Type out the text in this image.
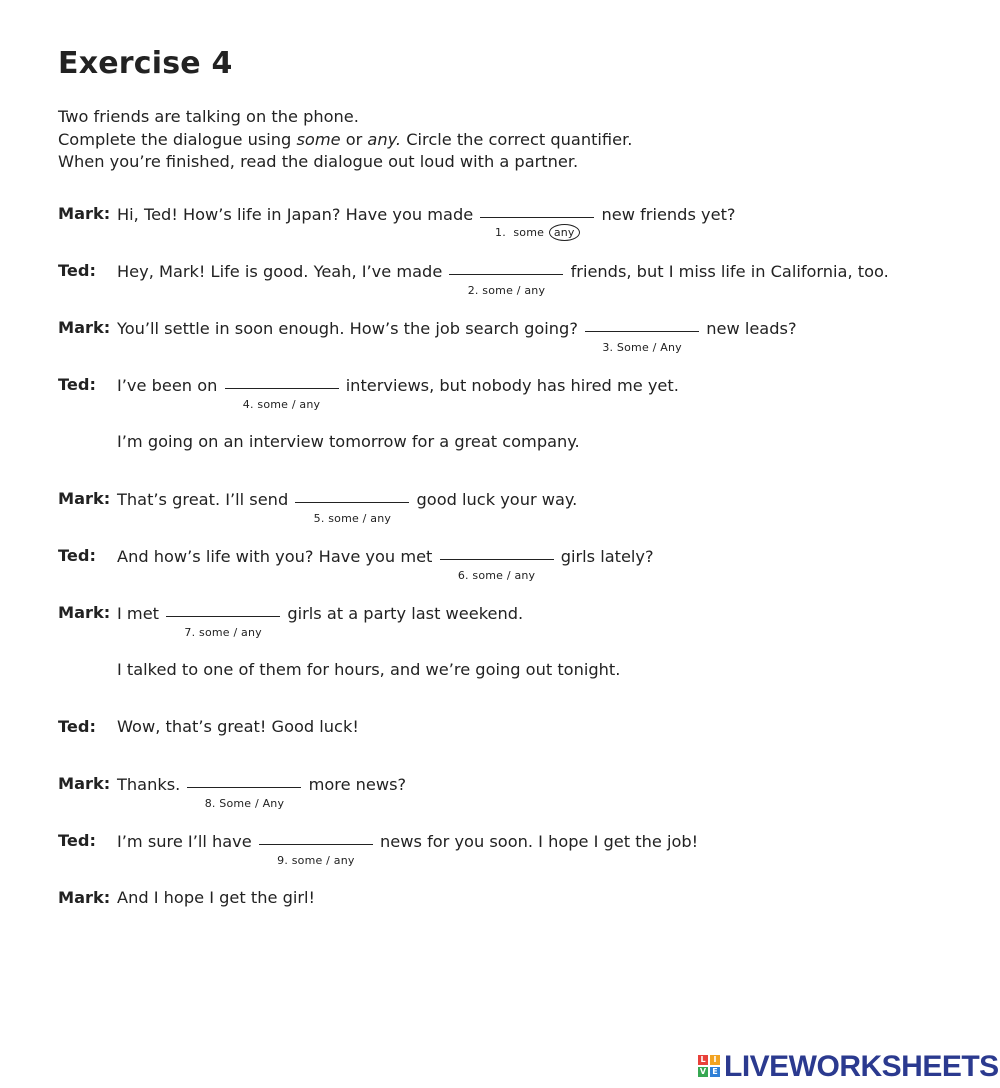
Exercise 4
Two friends are talking on the phone.
Complete the dialogue using some or any. Circle the correct quantifier.
When you’re finished, read the dialogue out loud with a partner.
Mark: Hi, Ted! How’s life in Japan? Have you made
1. some any
new friends yet?
Ted: Hey, Mark! Life is good. Yeah, I’ve made
2. some / any
friends, but I miss life in California, too.
Mark: You’ll settle in soon enough. How’s the job search going?
3. Some / Any
new leads?
Ted: I’ve been on
4. some / any
interviews, but nobody has hired me yet.
I’m going on an interview tomorrow for a great company.
Mark: That’s great. I’ll send
5. some / any
good luck your way.
Ted: And how’s life with you? Have you met
6. some / any
girls lately?
Mark: I met
7. some / any
girls at a party last weekend.
I talked to one of them for hours, and we’re going out tonight.
Ted: Wow, that’s great! Good luck!
Mark: Thanks.
8. Some / Any
more news?
Ted: I’m sure I’ll have
9. some / any
news for you soon. I hope I get the job!
Mark: And I hope I get the girl!
L I
V E LIVEWORKSHEETS
